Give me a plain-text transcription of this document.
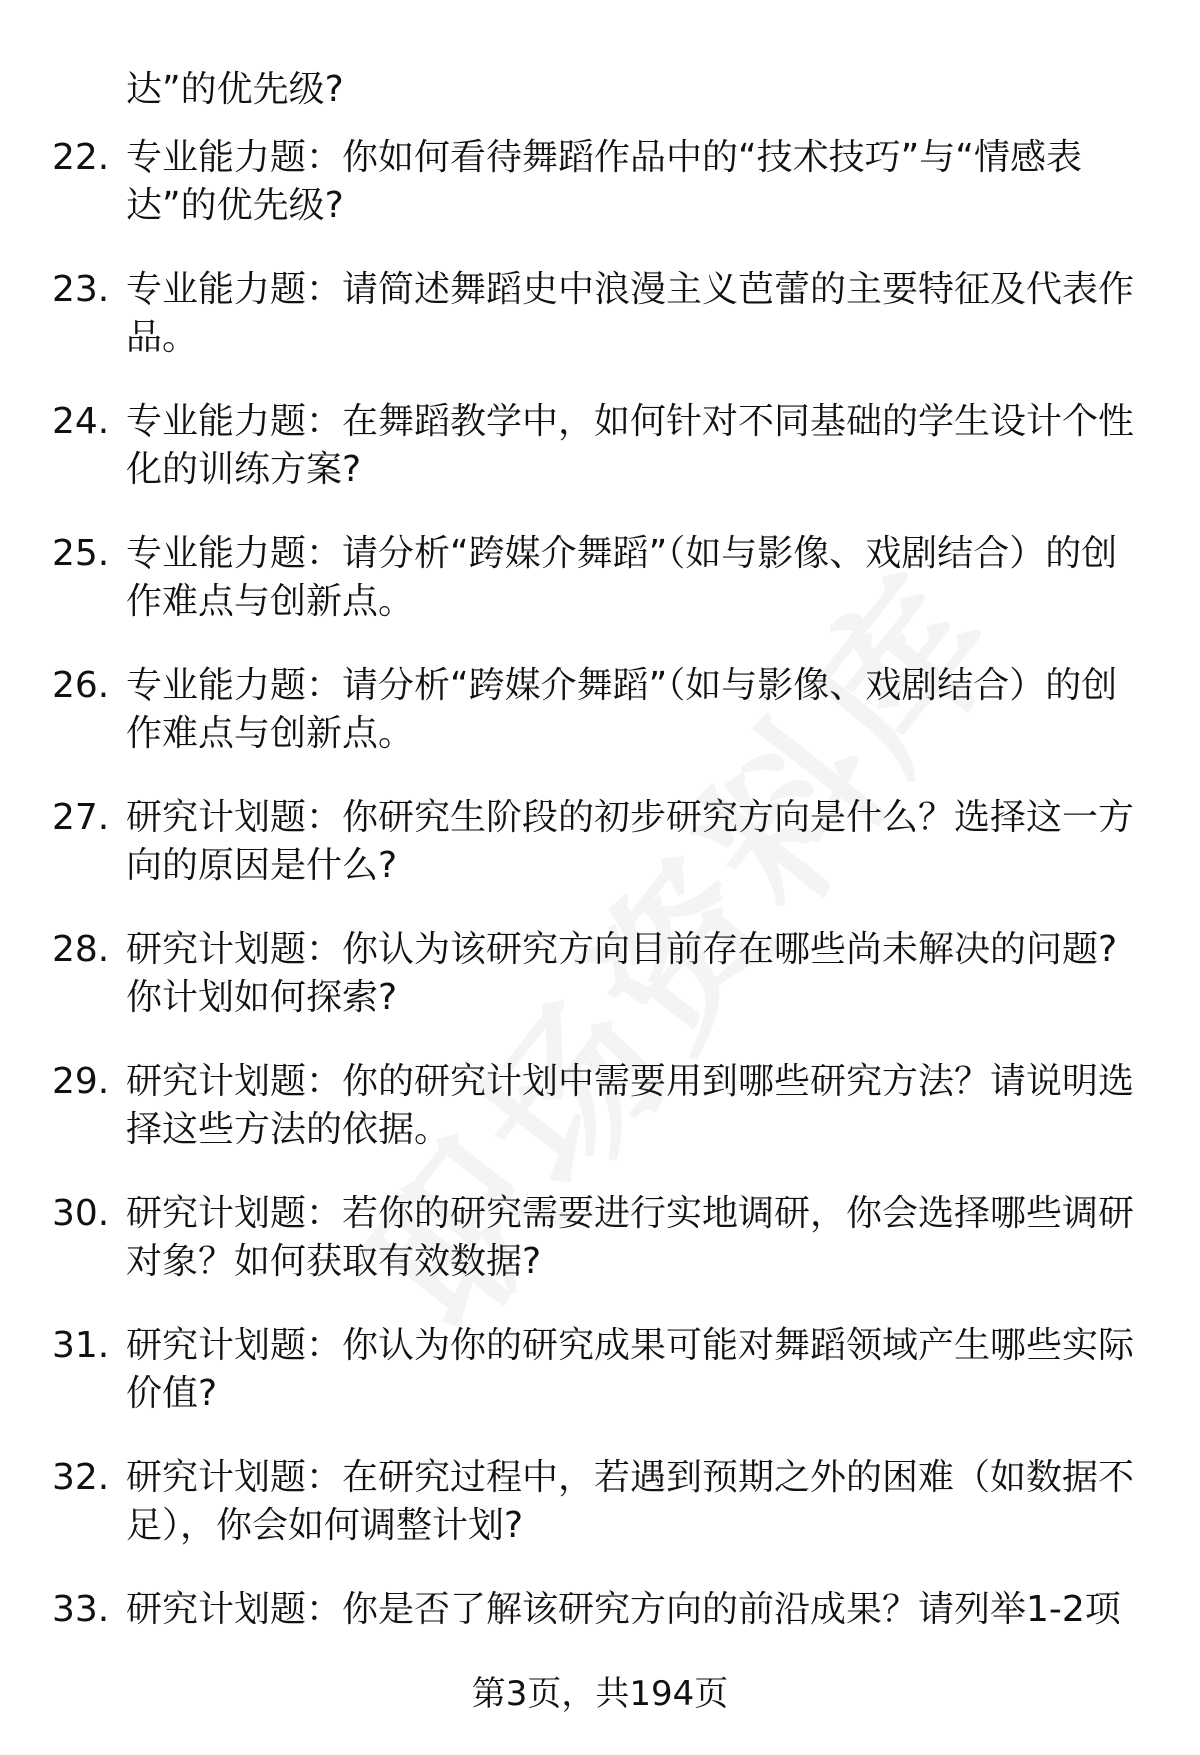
达”的优先级?
22. 专业能力题：你如何看待舞蹈作品中的“技术技巧”与“情感表达”的优先级?
23. 专业能力题：请简述舞蹈史中浪漫主义芭蕾的主要特征及代表作品。
24. 专业能力题：在舞蹈教学中，如何针对不同基础的学生设计个性化的训练方案?
25. 专业能力题：请分析“跨媒介舞蹈”（如与影像、戏剧结合）的创作难点与创新点。
26. 专业能力题：请分析“跨媒介舞蹈”（如与影像、戏剧结合）的创作难点与创新点。
27. 研究计划题：你研究生阶段的初步研究方向是什么？选择这一方向的原因是什么?
28. 研究计划题：你认为该研究方向目前存在哪些尚未解决的问题?你计划如何探索?
29. 研究计划题：你的研究计划中需要用到哪些研究方法？请说明选择这些方法的依据。
30. 研究计划题：若你的研究需要进行实地调研，你会选择哪些调研对象？如何获取有效数据?
31. 研究计划题：你认为你的研究成果可能对舞蹈领域产生哪些实际价值?
32. 研究计划题：在研究过程中，若遇到预期之外的困难（如数据不足），你会如何调整计划?
33. 研究计划题：你是否了解该研究方向的前沿成果？请列举1-2项
第3页，共194页
